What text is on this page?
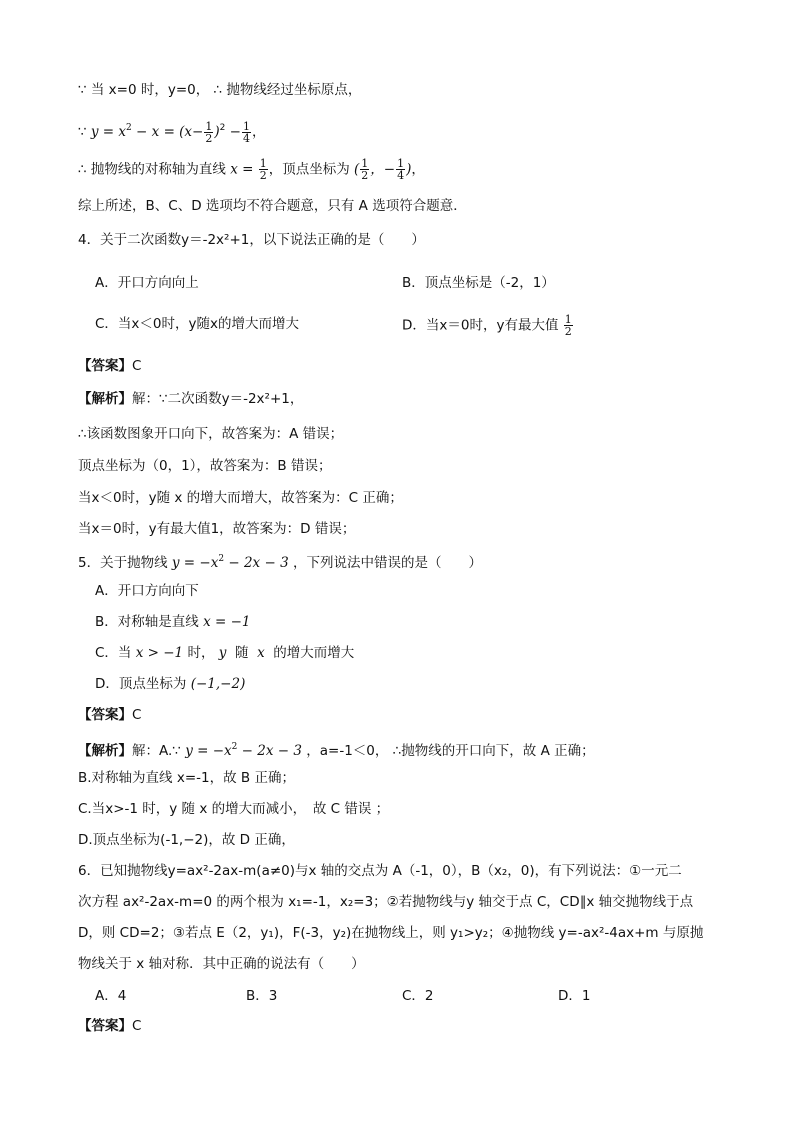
∵ 当 x=0 时，y=0， ∴ 抛物线经过坐标原点，
∵ $y = x^2 - x = (x- \frac{1}{2} )^2 - \frac{1}{4}$ ，
∴ 抛物线的对称轴为直线 $x = \frac{1}{2}$ ，顶点坐标为 ( $\frac{1}{2}$ ，− $\frac{1}{4}$ )，
综上所述，B、C、D 选项均不符合题意，只有 A 选项符合题意．
4．关于二次函数y＝-2x²+1，以下说法正确的是（　　）
A．开口方向向上	B．顶点坐标是（-2，1）
C．当x＜0时，y随x的增大而增大	D．当x＝0时，y有最大值 $\frac{1}{2}$
【答案】C
【解析】解：∵二次函数y＝-2x²+1，
∴该函数图象开口向下，故答案为：A 错误；
顶点坐标为（0，1），故答案为：B 错误；
当x＜0时，y随 x 的增大而增大，故答案为：C 正确；
当x＝0时，y有最大值1，故答案为：D 错误；
5．关于抛物线 $y = -x^2 - 2x - 3$ ，下列说法中错误的是（　　）
A．开口方向向下
B．对称轴是直线 x = −1
C．当 x > −1 时， y 随 x 的增大而增大
D．顶点坐标为 (−1,−2)
【答案】C
【解析】解：A.∵ $y = -x^2 - 2x - 3$ ，a=-1＜0， ∴抛物线的开口向下，故 A 正确；
B.对称轴为直线 x=-1，故 B 正确；
C.当x>-1 时，y 随 x 的增大而减小，　故 C 错误 ；
D.顶点坐标为(-1,−2)，故 D 正确，
6．已知抛物线y=ax²-2ax-m(a≠0)与x 轴的交点为 A（-1，0），B（x₂，0)，有下列说法：①一元二
次方程 ax²-2ax-m=0 的两个根为 x₁=-1，x₂=3；②若抛物线与y 轴交于点 C，CD∥x 轴交抛物线于点
D，则 CD=2；③若点 E（2，y₁)，F(-3，y₂)在抛物线上，则 y₁>y₂；④抛物线 y=-ax²-4ax+m 与原抛
物线关于 x 轴对称．其中正确的说法有（　　）
A．4	B．3	C．2	D．1
【答案】C
